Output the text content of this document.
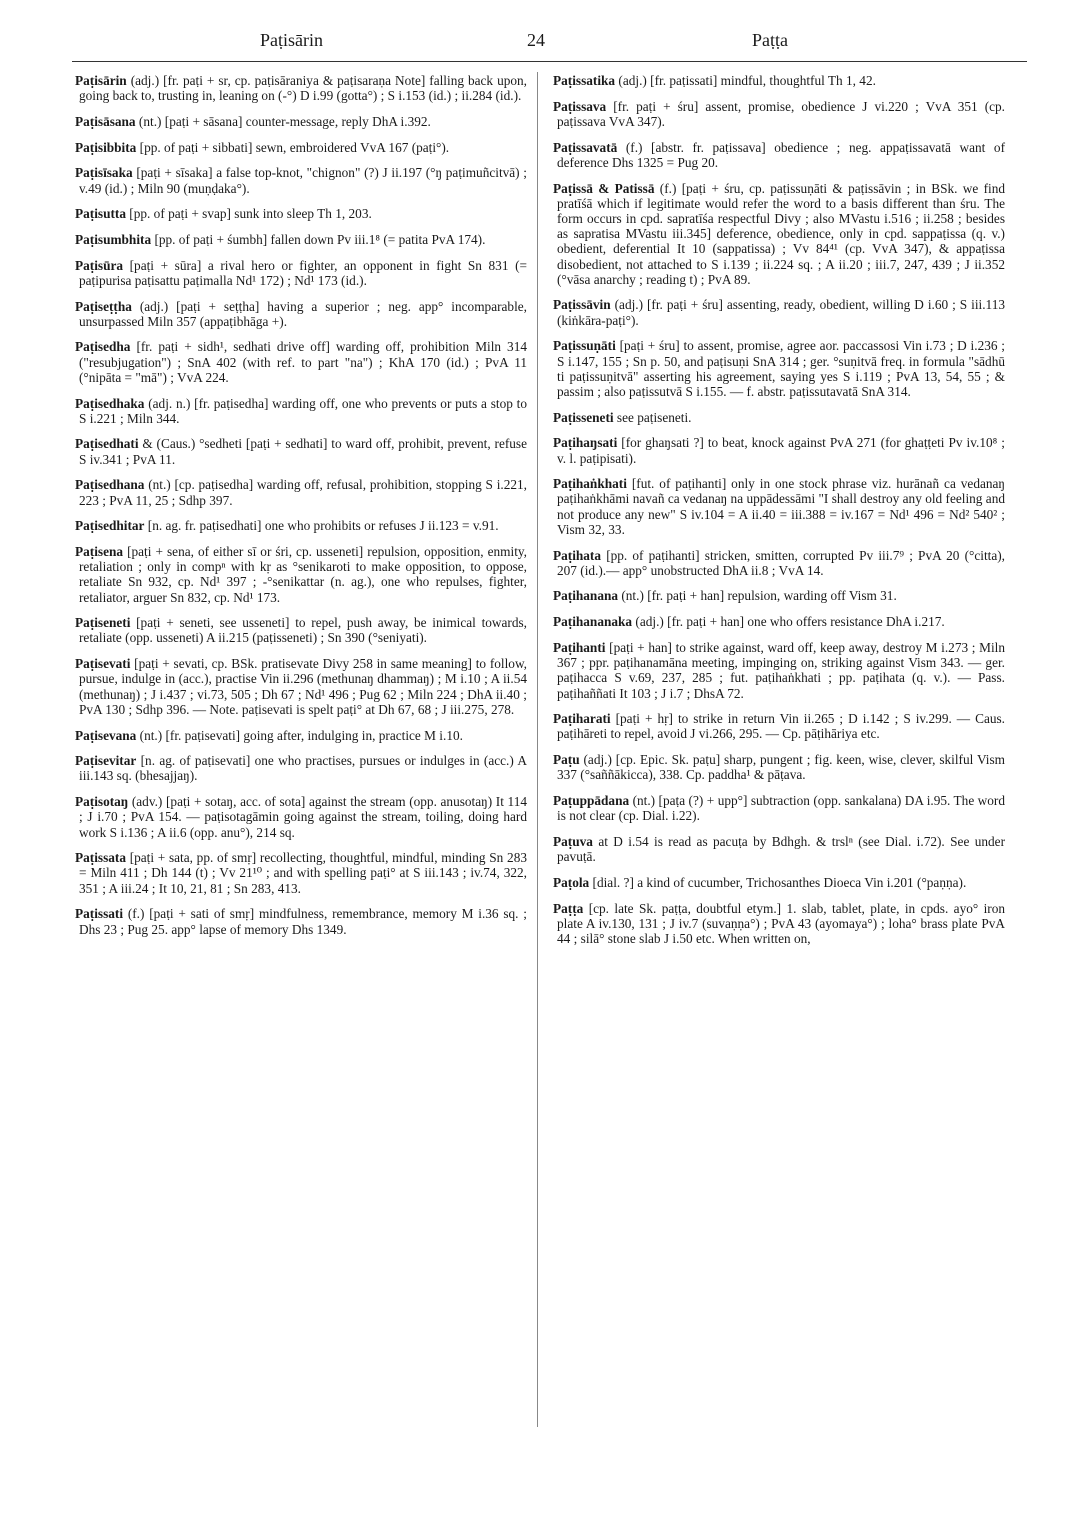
Paṭisārin	24	Paṭṭa

Paṭisārin (adj.) [fr. paṭi + sr, cp. paṭisāraniya & paṭisaraṇa Note] falling back upon, going back to, trusting in, leaning on (-°) D i.99 (gotta°) ; S i.153 (id.) ; ii.284 (id.).

Paṭisāsana (nt.) [paṭi + sāsana] counter-message, reply DhA i.392.

Paṭisibbita [pp. of paṭi + sibbati] sewn, embroidered VvA 167 (paṭi°).

Paṭisīsaka [paṭi + sīsaka] a false top-knot, "chignon" (?) J ii.197 (°ŋ paṭimuñcitvā) ; v.49 (id.) ; Miln 90 (muṇḍaka°).

Paṭisutta [pp. of paṭi + svap] sunk into sleep Th 1, 203.

Paṭisumbhita [pp. of paṭi + śumbh] fallen down Pv iii.1⁸ (= patita PvA 174).

Paṭisūra [paṭi + sūra] a rival hero or fighter, an opponent in fight Sn 831 (= paṭipurisa paṭisattu paṭimalla Nd¹ 172) ; Nd¹ 173 (id.).

Paṭiseṭṭha (adj.) [paṭi + seṭṭha] having a superior ; neg. app° incomparable, unsurpassed Miln 357 (appaṭibhāga +).

Paṭisedha [fr. paṭi + sidh¹, sedhati drive off] warding off, prohibition Miln 314 ("resubjugation") ; SnA 402 (with ref. to part "na") ; KhA 170 (id.) ; PvA 11 (°nipāta = "mā") ; VvA 224.

Paṭisedhaka (adj. n.) [fr. paṭisedha] warding off, one who prevents or puts a stop to S i.221 ; Miln 344.

Paṭisedhati & (Caus.) °sedheti [paṭi + sedhati] to ward off, prohibit, prevent, refuse S iv.341 ; PvA 11.

Paṭisedhana (nt.) [cp. paṭisedha] warding off, refusal, prohibition, stopping S i.221, 223 ; PvA 11, 25 ; Sdhp 397.

Paṭisedhitar [n. ag. fr. paṭisedhati] one who prohibits or refuses J ii.123 = v.91.

Paṭisena [paṭi + sena, of either sī or śri, cp. usseneti] repulsion, opposition, enmity, retaliation ; only in compⁿ with kṛ as °senikaroti to make opposition, to oppose, retaliate Sn 932, cp. Nd¹ 397 ; -°senikattar (n. ag.), one who repulses, fighter, retaliator, arguer Sn 832, cp. Nd¹ 173.

Paṭiseneti [paṭi + seneti, see usseneti] to repel, push away, be inimical towards, retaliate (opp. usseneti) A ii.215 (paṭisseneti) ; Sn 390 (°seniyati).

Paṭisevati [paṭi + sevati, cp. BSk. pratisevate Divy 258 in same meaning] to follow, pursue, indulge in (acc.), practise Vin ii.296 (methunaŋ dhammaŋ) ; M i.10 ; A ii.54 (methunaŋ) ; J i.437 ; vi.73, 505 ; Dh 67 ; Nd¹ 496 ; Pug 62 ; Miln 224 ; DhA ii.40 ; PvA 130 ; Sdhp 396. — Note. paṭisevati is spelt paṭi° at Dh 67, 68 ; J iii.275, 278.

Paṭisevana (nt.) [fr. paṭisevati] going after, indulging in, practice M i.10.

Paṭisevitar [n. ag. of paṭisevati] one who practises, pursues or indulges in (acc.) A iii.143 sq. (bhesajjaŋ).

Paṭisotaŋ (adv.) [paṭi + sotaŋ, acc. of sota] against the stream (opp. anusotaŋ) It 114 ; J i.70 ; PvA 154. — paṭisotagāmin going against the stream, toiling, doing hard work S i.136 ; A ii.6 (opp. anu°), 214 sq.

Paṭissata [paṭi + sata, pp. of smṛ] recollecting, thoughtful, mindful, minding Sn 283 = Miln 411 ; Dh 144 (t) ; Vv 21¹⁰ ; and with spelling paṭi° at S iii.143 ; iv.74, 322, 351 ; A iii.24 ; It 10, 21, 81 ; Sn 283, 413.

Paṭissati (f.) [paṭi + sati of smṛ] mindfulness, remembrance, memory M i.36 sq. ; Dhs 23 ; Pug 25. app° lapse of memory Dhs 1349.

Paṭissatika (adj.) [fr. paṭissati] mindful, thoughtful Th 1, 42.

Paṭissava [fr. paṭi + śru] assent, promise, obedience J vi.220 ; VvA 351 (cp. paṭissava VvA 347).

Paṭissavatā (f.) [abstr. fr. paṭissava] obedience ; neg. appaṭissavatā want of deference Dhs 1325 = Pug 20.

Paṭissā & Patissā (f.) [paṭi + śru, cp. paṭissuṇāti & paṭissāvin ; in BSk. we find pratīśā which if legitimate would refer the word to a basis different than śru. The form occurs in cpd. sapratīśa respectful Divy ; also MVastu i.516 ; ii.258 ; besides as sapratisa MVastu iii.345] deference, obedience, only in cpd. sappaṭissa (q. v.) obedient, deferential It 10 (sappatissa) ; Vv 84⁴¹ (cp. VvA 347), & appaṭissa disobedient, not attached to S i.139 ; ii.224 sq. ; A ii.20 ; iii.7, 247, 439 ; J ii.352 (°vāsa anarchy ; reading t) ; PvA 89.

Paṭissāvin (adj.) [fr. paṭi + śru] assenting, ready, obedient, willing D i.60 ; S iii.113 (kiṅkāra-paṭi°).

Paṭissuṇāti [paṭi + śru] to assent, promise, agree aor. paccassosi Vin i.73 ; D i.236 ; S i.147, 155 ; Sn p. 50, and paṭisuṇi SnA 314 ; ger. °suṇitvā freq. in formula "sādhū ti paṭissuṇitvā" asserting his agreement, saying yes S i.119 ; PvA 13, 54, 55 ; & passim ; also paṭissutvā S i.155. — f. abstr. paṭissutavatā SnA 314.

Paṭisseneti see paṭiseneti.

Paṭihaŋsati [for ghaŋsati ?] to beat, knock against PvA 271 (for ghaṭṭeti Pv iv.10⁸ ; v. l. paṭipisati).

Paṭihaṅkhati [fut. of paṭihanti] only in one stock phrase viz. hurānañ ca vedanaŋ paṭihaṅkhāmi navañ ca vedanaŋ na uppādessāmi "I shall destroy any old feeling and not produce any new" S iv.104 = A ii.40 = iii.388 = iv.167 = Nd¹ 496 = Nd² 540² ; Vism 32, 33.

Paṭihata [pp. of paṭihanti] stricken, smitten, corrupted Pv iii.7⁹ ; PvA 20 (°citta), 207 (id.).— app° unobstructed DhA ii.8 ; VvA 14.

Paṭihanana (nt.) [fr. paṭi + han] repulsion, warding off Vism 31.

Paṭihananaka (adj.) [fr. paṭi + han] one who offers resistance DhA i.217.

Paṭihanti [paṭi + han] to strike against, ward off, keep away, destroy M i.273 ; Miln 367 ; ppr. paṭihanamāna meeting, impinging on, striking against Vism 343. — ger. paṭihacca S v.69, 237, 285 ; fut. paṭihaṅkhati ; pp. paṭihata (q. v.). — Pass. paṭihaññati It 103 ; J i.7 ; DhsA 72.

Paṭiharati [paṭi + hṛ] to strike in return Vin ii.265 ; D i.142 ; S iv.299. — Caus. paṭihāreti to repel, avoid J vi.266, 295. — Cp. pāṭihāriya etc.

Paṭu (adj.) [cp. Epic. Sk. paṭu] sharp, pungent ; fig. keen, wise, clever, skilful Vism 337 (°saññākicca), 338. Cp. paddha¹ & pāṭava.

Paṭuppādana (nt.) [paṭa (?) + upp°] subtraction (opp. sankalana) DA i.95. The word is not clear (cp. Dial. i.22).

Paṭuva at D i.54 is read as pacuṭa by Bdhgh. & trslⁿ (see Dial. i.72). See under pavuṭā.

Paṭola [dial. ?] a kind of cucumber, Trichosanthes Dioeca Vin i.201 (°paṇṇa).

Paṭṭa [cp. late Sk. paṭṭa, doubtful etym.] 1. slab, tablet, plate, in cpds. ayo° iron plate A iv.130, 131 ; J iv.7 (suvaṇṇa°) ; PvA 43 (ayomaya°) ; loha° brass plate PvA 44 ; silā° stone slab J i.50 etc. When written on,
